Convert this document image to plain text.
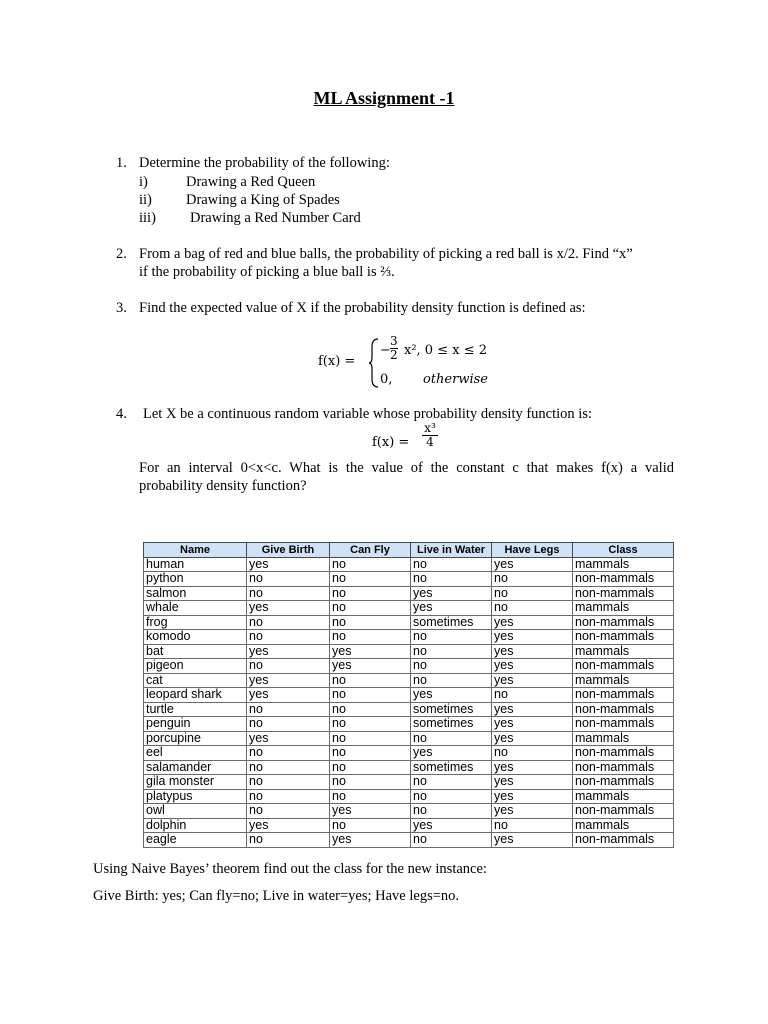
ML Assignment -1
1. Determine the probability of the following:
i)	Drawing a Red Queen
ii) Drawing a King of Spades
iii) Drawing a Red Number Card
2. From a bag of red and blue balls, the probability of picking a red ball is x/2. Find “x”
if the probability of picking a blue ball is ⅔.
3. Find the expected value of X if the probability density function is defined as:
f(x) =
− $\frac{3}{2} x^2$, 0 ≤ x ≤ 2
0, otherwise
4. Let X be a continuous random variable whose probability density function is:
$f(x) = \frac{\text{x³}}{4}$
For an interval 0<x<c. What is the value of the constant c that makes f(x) a valid
probability density function?
Name	Give Birth	Can Fly	Live in Water	Have Legs	Class
human	yes	no	no	yes	mammals
python	no	no	no	no	non-mammals
salmon	no	no	yes	no	non-mammals
whale	yes	no	yes	no	mammals
frog	no	no	sometimes	yes	non-mammals
komodo	no	no	no	yes	non-mammals
bat	yes	yes	no	yes	mammals
pigeon	no	yes	no	yes	non-mammals
cat	yes	no	no	yes	mammals
leopard shark	yes	no	yes	no	non-mammals
turtle	no	no	sometimes	yes	non-mammals
penguin	no	no	sometimes	yes	non-mammals
porcupine	yes	no	no	yes	mammals
eel	no	no	yes	no	non-mammals
salamander	no	no	sometimes	yes	non-mammals
gila monster	no	no	no	yes	non-mammals
platypus	no	no	no	yes	mammals
owl	no	yes	no	yes	non-mammals
dolphin	yes	no	yes	no	mammals
eagle	no	yes	no	yes	non-mammals
Using Naive Bayes’ theorem find out the class for the new instance:
Give Birth: yes; Can fly=no; Live in water=yes; Have legs=no.
